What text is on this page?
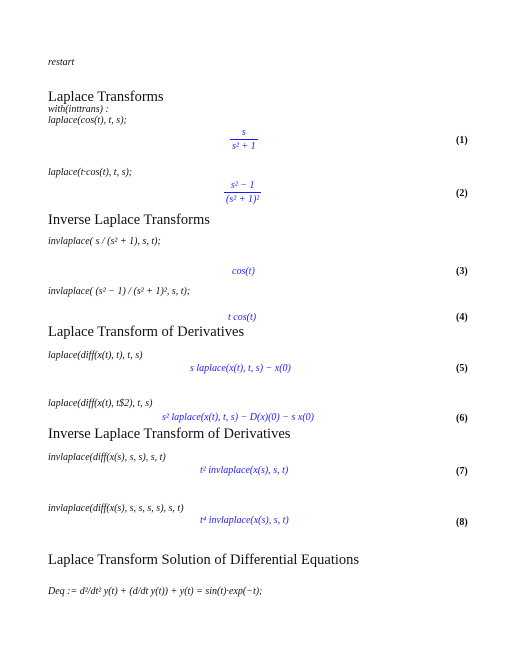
restart
Laplace Transforms
with(inttrans) :
laplace(cos(t), t, s);
$\frac{s}{\text{s² + 1}}$	(1)
laplace(t·cos(t), t, s);
$\frac{\text{s² − 1}}{\text{(s² + 1)²}}$	(2)
Inverse Laplace Transforms
invlaplace( s / (s² + 1), s, t);
cos(t)	(3)
invlaplace( (s² − 1) / (s² + 1)², s, t);
t cos(t)	(4)
Laplace Transform of Derivatives
laplace(diff(x(t), t), t, s)
s laplace(x(t), t, s) − x(0)	(5)
laplace(diff(x(t), t$2), t, s)
s² laplace(x(t), t, s) − D(x)(0) − s x(0)	(6)
Inverse Laplace Transform of Derivatives
invlaplace(diff(x(s), s, s), s, t)
t² invlaplace(x(s), s, t)	(7)
invlaplace(diff(x(s), s, s, s, s), s, t)
t⁴ invlaplace(x(s), s, t)	(8)
Laplace Transform Solution of Differential Equations
Deq := d²/dt² y(t) + (d/dt y(t)) + y(t) = sin(t)·exp(−t);
